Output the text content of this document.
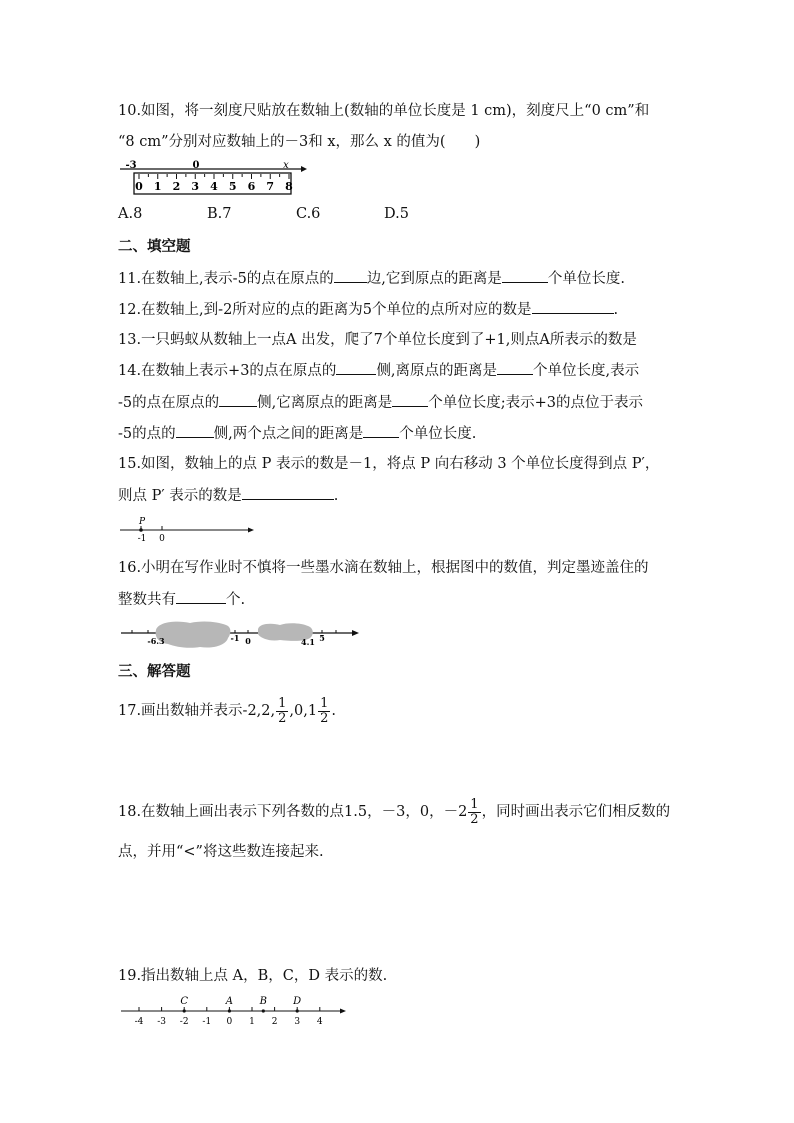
10.如图，将一刻度尺贴放在数轴上(数轴的单位长度是 1 cm)，刻度尺上“0 cm”和
“8 cm”分别对应数轴上的－3和 x，那么 x 的值为(　　)
-3	0	x
0 1 2 3 4 5 6 7 8
A.8	B.7	C.6	D.5
二、填空题
11.在数轴上,表示-5的点在原点的 边,它到原点的距离是	个单位长度.
12.在数轴上,到-2所对应的点的距离为5个单位的点所对应的数是	.
13.一只蚂蚁从数轴上一点A 出发，爬了7个单位长度到了+1,则点A所表示的数是
14.在数轴上表示+3的点在原点的	侧,离原点的距离是 个单位长度,表示
-5的点在原点的	侧,它离原点的距离是 个单位长度;表示+3的点位于表示
-5的点的	侧,两个点之间的距离是 个单位长度.
15.如图，数轴上的点 P 表示的数是－1，将点 P 向右移动 3 个单位长度得到点 P′，
则点 P′ 表示的数是	.
P
-1 0
16.小明在写作业时不慎将一些墨水滴在数轴上，根据图中的数值，判定墨迹盖住的
整数共有	个.
-6.3	-1 0	4.1 5
三、解答题
17.画出数轴并表示-2,2, $\frac{1}{2} ,0,1 \frac{1}{2}$ .
18.在数轴上画出表示下列各数的点1.5，－3，0，$-2 \frac{1}{2}$ ，同时画出表示它们相反数的
点，并用“<”将这些数连接起来.
19.指出数轴上点 A，B，C，D 表示的数.
-4 -3 -2 -1 0 1 2 3 4
C	A	B	D
